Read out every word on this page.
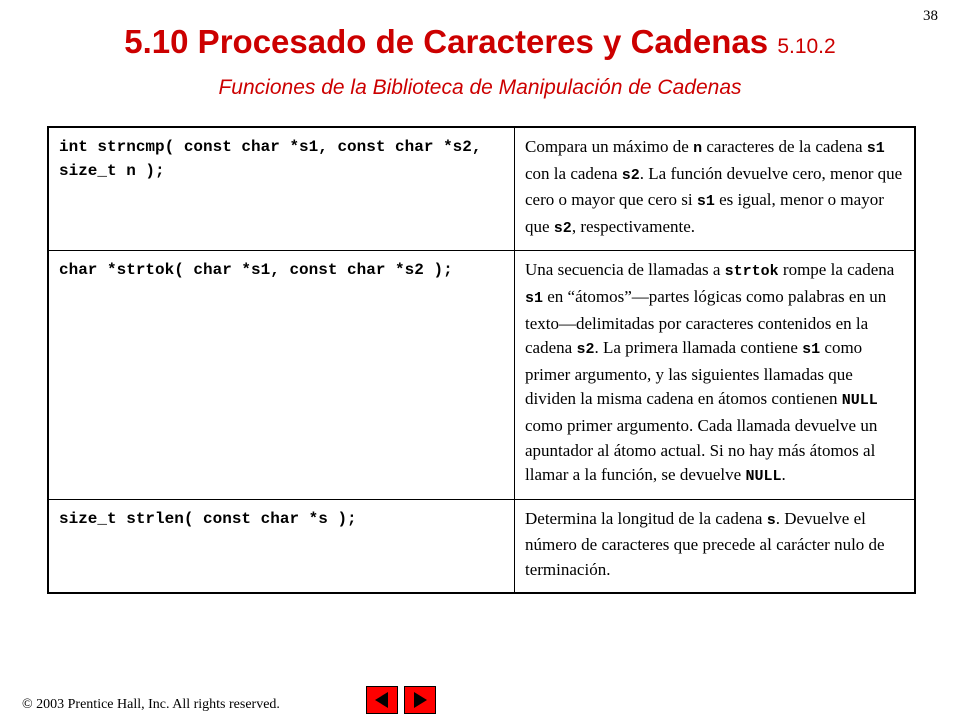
38
5.10 Procesado de Caracteres y Cadenas 5.10.2
Funciones de la Biblioteca de Manipulación de Cadenas
int strncmp( const char *s1, const char *s2, size_t n );	Compara un máximo de n caracteres de la cadena s1 con la cadena s2. La función devuelve cero, menor que cero o mayor que cero si s1 es igual, menor o mayor que s2, respectivamente.
char *strtok( char *s1, const char *s2 );	Una secuencia de llamadas a strtok rompe la cadena s1 en “átomos”—partes lógicas como palabras en un texto—delimitadas por caracteres contenidos en la cadena s2. La primera llamada contiene s1 como primer argumento, y las siguientes llamadas que dividen la misma cadena en átomos contienen NULL como primer argumento. Cada llamada devuelve un apuntador al átomo actual. Si no hay más átomos al llamar a la función, se devuelve NULL.
size_t strlen( const char *s );	Determina la longitud de la cadena s. Devuelve el número de caracteres que precede al carácter nulo de terminación.
© 2003 Prentice Hall, Inc. All rights reserved.
